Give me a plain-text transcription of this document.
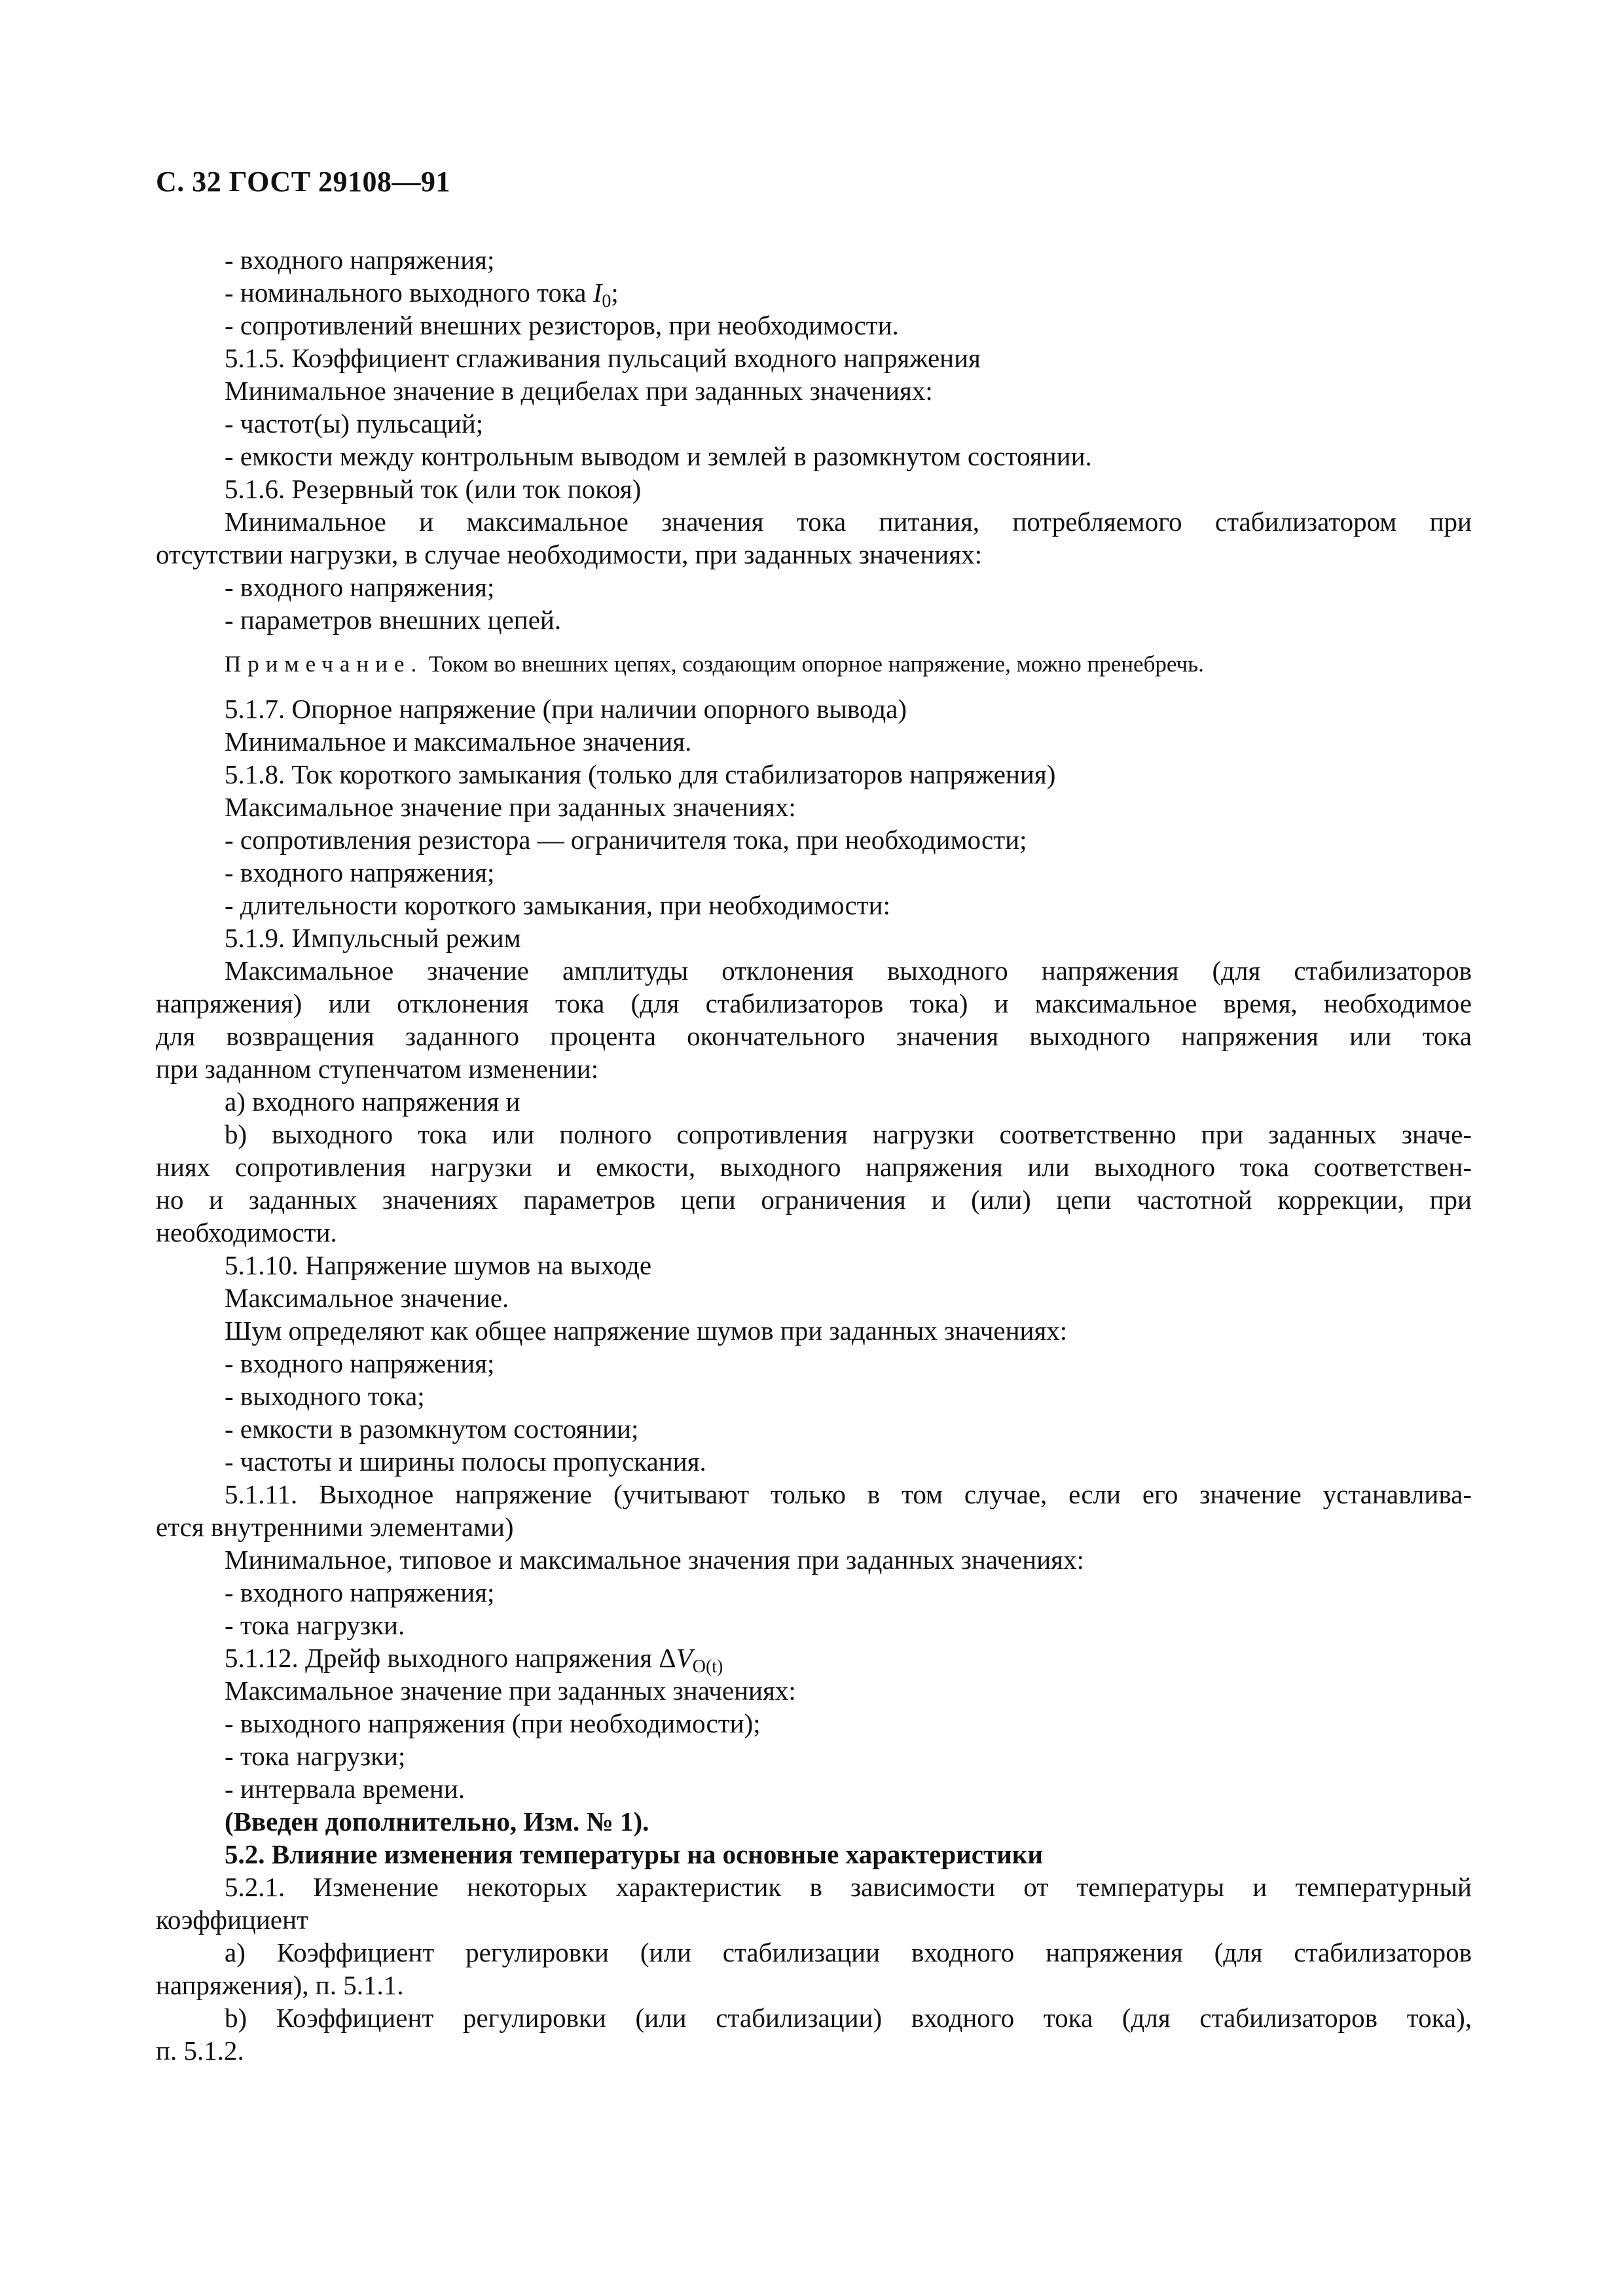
С. 32 ГОСТ 29108—91
- входного напряжения;
- номинального выходного тока $I_0$;
- сопротивлений внешних резисторов, при необходимости.
5.1.5. Коэффициент сглаживания пульсаций входного напряжения
Минимальное значение в децибелах при заданных значениях:
- частот(ы) пульсаций;
- емкости между контрольным выводом и землей в разомкнутом состоянии.
5.1.6. Резервный ток (или ток покоя)
Минимальное и максимальное значения тока питания, потребляемого стабилизатором при
отсутствии нагрузки, в случае необходимости, при заданных значениях:
- входного напряжения;
- параметров внешних цепей.
Примечание. Током во внешних цепях, создающим опорное напряжение, можно пренебречь.
5.1.7. Опорное напряжение (при наличии опорного вывода)
Минимальное и максимальное значения.
5.1.8. Ток короткого замыкания (только для стабилизаторов напряжения)
Максимальное значение при заданных значениях:
- сопротивления резистора — ограничителя тока, при необходимости;
- входного напряжения;
- длительности короткого замыкания, при необходимости:
5.1.9. Импульсный режим
Максимальное значение амплитуды отклонения выходного напряжения (для стабилизаторов
напряжения) или отклонения тока (для стабилизаторов тока) и максимальное время, необходимое
для возвращения заданного процента окончательного значения выходного напряжения или тока
при заданном ступенчатом изменении:
а) входного напряжения и
b) выходного тока или полного сопротивления нагрузки соответственно при заданных значе-
ниях сопротивления нагрузки и емкости, выходного напряжения или выходного тока соответствен-
но и заданных значениях параметров цепи ограничения и (или) цепи частотной коррекции, при
необходимости.
5.1.10. Напряжение шумов на выходе
Максимальное значение.
Шум определяют как общее напряжение шумов при заданных значениях:
- входного напряжения;
- выходного тока;
- емкости в разомкнутом состоянии;
- частоты и ширины полосы пропускания.
5.1.11. Выходное напряжение (учитывают только в том случае, если его значение устанавлива-
ется внутренними элементами)
Минимальное, типовое и максимальное значения при заданных значениях:
- входного напряжения;
- тока нагрузки.
5.1.12. Дрейф выходного напряжения $\Delta V_{O(t)}$
Максимальное значение при заданных значениях:
- выходного напряжения (при необходимости);
- тока нагрузки;
- интервала времени.
(Введен дополнительно, Изм. № 1).
5.2. Влияние изменения температуры на основные характеристики
5.2.1. Изменение некоторых характеристик в зависимости от температуры и температурный
коэффициент
а) Коэффициент регулировки (или стабилизации входного напряжения (для стабилизаторов
напряжения), п. 5.1.1.
b) Коэффициент регулировки (или стабилизации) входного тока (для стабилизаторов тока),
п. 5.1.2.
